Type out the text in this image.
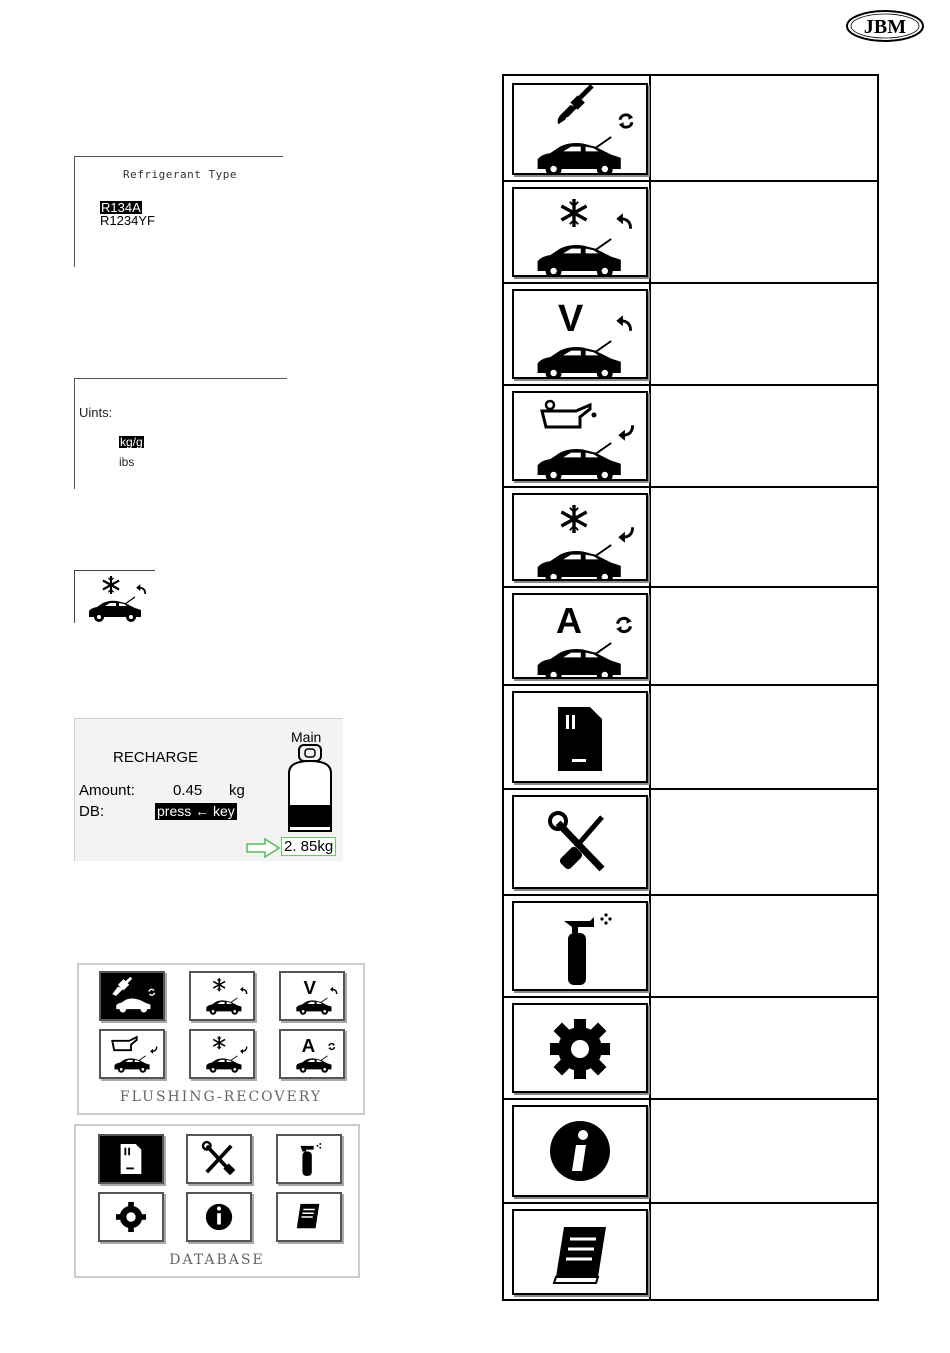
JBM
Refrigerant Type
R134A
R1234YF
Uints:
kg/g
ibs
RECHARGE
Amount:	0.45 kg
DB:	press ← key
Main
2. 85kg
V
A
FLUSHING-RECOVERY
DATABASE
V
A
